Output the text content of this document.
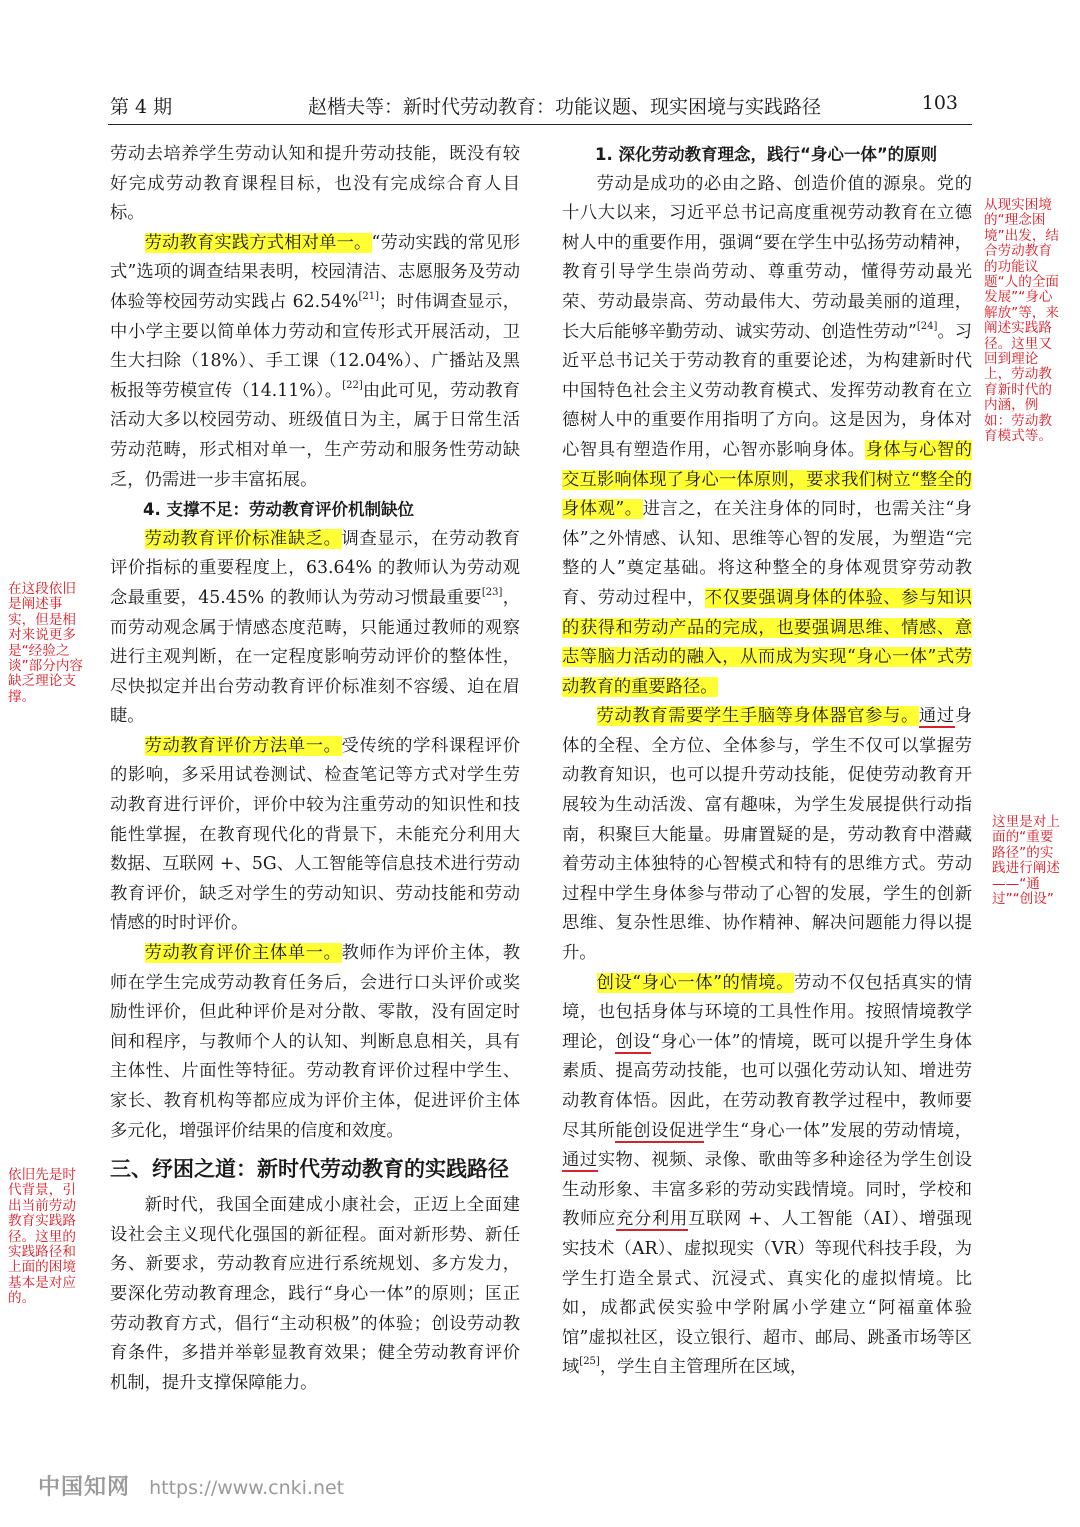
第 4 期	赵楷夫等：新时代劳动教育：功能议题、现实困境与实践路径	103

劳动去培养学生劳动认知和提升劳动技能，既没有较好完成劳动教育课程目标，也没有完成综合育人目标。

劳动教育实践方式相对单一。“劳动实践的常见形式”选项的调查结果表明，校园清洁、志愿服务及劳动体验等校园劳动实践占 62.54%[21]；时伟调查显示，中小学主要以简单体力劳动和宣传形式开展活动，卫生大扫除（18%）、手工课（12.04%）、广播站及黑板报等劳模宣传（14.11%）。[22]由此可见，劳动教育活动大多以校园劳动、班级值日为主，属于日常生活劳动范畴，形式相对单一，生产劳动和服务性劳动缺乏，仍需进一步丰富拓展。

4. 支撑不足：劳动教育评价机制缺位

劳动教育评价标准缺乏。调查显示，在劳动教育评价指标的重要程度上，63.64% 的教师认为劳动观念最重要，45.45% 的教师认为劳动习惯最重要[23]，而劳动观念属于情感态度范畴，只能通过教师的观察进行主观判断，在一定程度影响劳动评价的整体性，尽快拟定并出台劳动教育评价标准刻不容缓、迫在眉睫。

劳动教育评价方法单一。受传统的学科课程评价的影响，多采用试卷测试、检查笔记等方式对学生劳动教育进行评价，评价中较为注重劳动的知识性和技能性掌握，在教育现代化的背景下，未能充分利用大数据、互联网 +、5G、人工智能等信息技术进行劳动教育评价，缺乏对学生的劳动知识、劳动技能和劳动情感的时时评价。

劳动教育评价主体单一。教师作为评价主体，教师在学生完成劳动教育任务后，会进行口头评价或奖励性评价，但此种评价是对分散、零散，没有固定时间和程序，与教师个人的认知、判断息息相关，具有主体性、片面性等特征。劳动教育评价过程中学生、家长、教育机构等都应成为评价主体，促进评价主体多元化，增强评价结果的信度和效度。

三、纾困之道：新时代劳动教育的实践路径

新时代，我国全面建成小康社会，正迈上全面建设社会主义现代化强国的新征程。面对新形势、新任务、新要求，劳动教育应进行系统规划、多方发力，要深化劳动教育理念，践行“身心一体”的原则；匡正劳动教育方式，倡行“主动积极”的体验；创设劳动教育条件，多措并举彰显教育效果；健全劳动教育评价机制，提升支撑保障能力。

1. 深化劳动教育理念，践行“身心一体”的原则

劳动是成功的必由之路、创造价值的源泉。党的十八大以来，习近平总书记高度重视劳动教育在立德树人中的重要作用，强调“要在学生中弘扬劳动精神，教育引导学生崇尚劳动、尊重劳动，懂得劳动最光荣、劳动最崇高、劳动最伟大、劳动最美丽的道理，长大后能够辛勤劳动、诚实劳动、创造性劳动”[24]。习近平总书记关于劳动教育的重要论述，为构建新时代中国特色社会主义劳动教育模式、发挥劳动教育在立德树人中的重要作用指明了方向。这是因为，身体对心智具有塑造作用，心智亦影响身体。身体与心智的交互影响体现了身心一体原则，要求我们树立“整全的身体观”。进言之，在关注身体的同时，也需关注“身体”之外情感、认知、思维等心智的发展，为塑造“完整的人”奠定基础。将这种整全的身体观贯穿劳动教育、劳动过程中，不仅要强调身体的体验、参与知识的获得和劳动产品的完成，也要强调思维、情感、意志等脑力活动的融入，从而成为实现“身心一体”式劳动教育的重要路径。

劳动教育需要学生手脑等身体器官参与。通过身体的全程、全方位、全体参与，学生不仅可以掌握劳动教育知识，也可以提升劳动技能，促使劳动教育开展较为生动活泼、富有趣味，为学生发展提供行动指南，积聚巨大能量。毋庸置疑的是，劳动教育中潜藏着劳动主体独特的心智模式和特有的思维方式。劳动过程中学生身体参与带动了心智的发展，学生的创新思维、复杂性思维、协作精神、解决问题能力得以提升。

创设“身心一体”的情境。劳动不仅包括真实的情境，也包括身体与环境的工具性作用。按照情境教学理论，创设“身心一体”的情境，既可以提升学生身体素质、提高劳动技能，也可以强化劳动认知、增进劳动教育体悟。因此，在劳动教育教学过程中，教师要尽其所能创设促进学生“身心一体”发展的劳动情境，通过实物、视频、录像、歌曲等多种途径为学生创设生动形象、丰富多彩的劳动实践情境。同时，学校和教师应充分利用互联网 +、人工智能（AI）、增强现实技术（AR）、虚拟现实（VR）等现代科技手段，为学生打造全景式、沉浸式、真实化的虚拟情境。比如，成都武侯实验中学附属小学建立“阿福童体验馆”虚拟社区，设立银行、超市、邮局、跳蚤市场等区域[25]，学生自主管理所在区域，

在这段依旧是阐述事实，但是相对来说更多是“经验之谈”部分内容缺乏理论支撑。
依旧先是时代背景，引出当前劳动教育实践路径。这里的实践路径和上面的困境基本是对应的。
从现实困境的“理念困境”出发，结合劳动教育的功能议题“人的全面发展”“身心解放”等，来阐述实践路径。这里又回到理论上，劳动教育新时代的内涵，例如：劳动教育模式等。
这里是对上面的“重要路径”的实践进行阐述——“通过”“创设”
中国知网 https://www.cnki.net
